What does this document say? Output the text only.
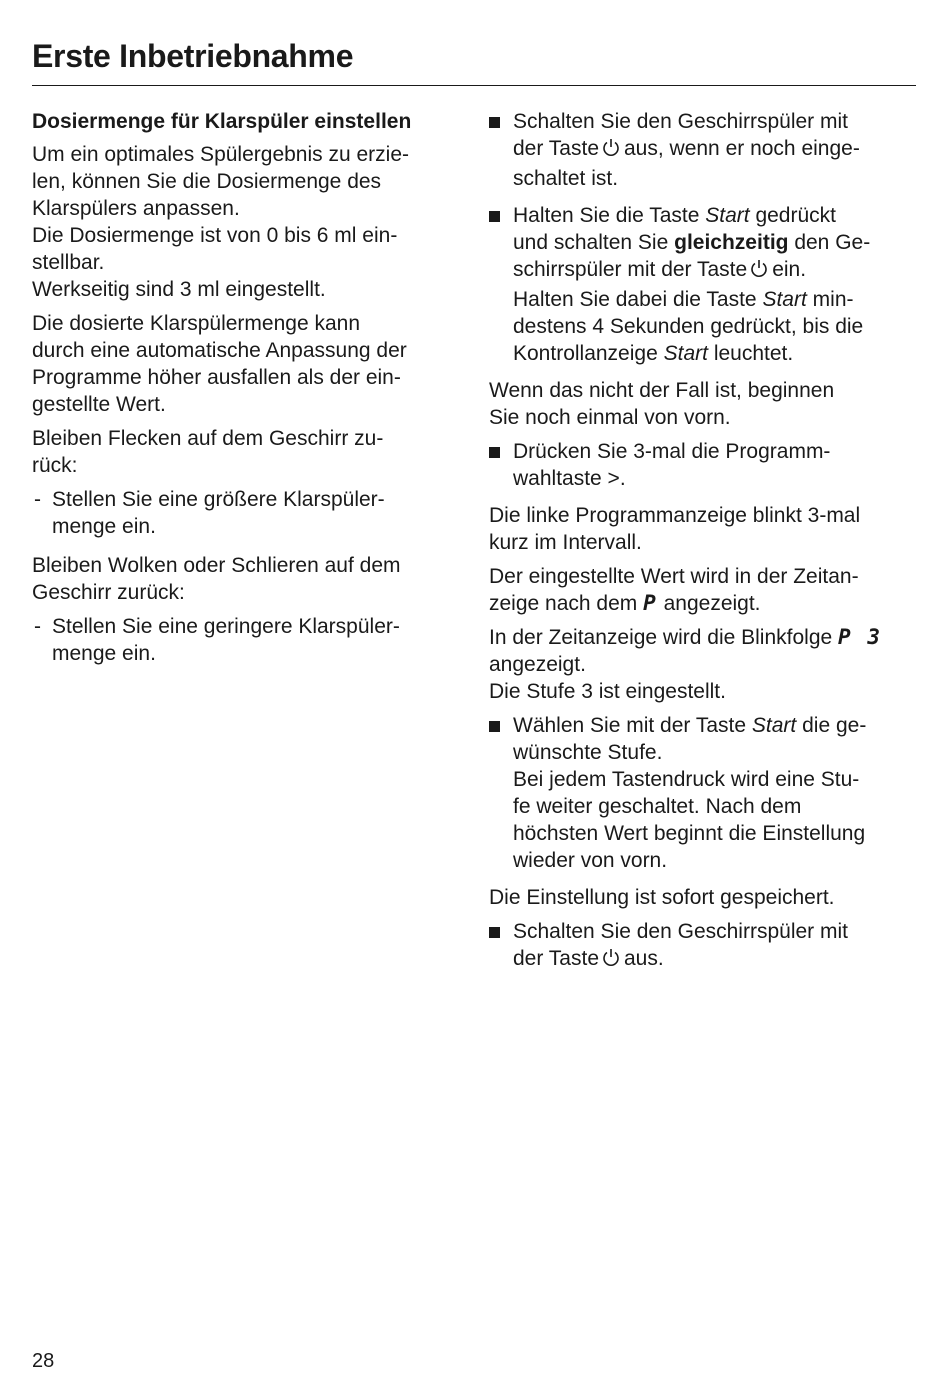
Erste Inbetriebnahme
Dosiermenge für Klarspüler einstellen

Um ein optimales Spülergebnis zu erzie-
len, können Sie die Dosiermenge des
Klarspülers anpassen.
Die Dosiermenge ist von 0 bis 6 ml ein-
stellbar.
Werkseitig sind 3 ml eingestellt.

Die dosierte Klarspülermenge kann
durch eine automatische Anpassung der
Programme höher ausfallen als der ein-
gestellte Wert.

Bleiben Flecken auf dem Geschirr zu-
rück:

- Stellen Sie eine größere Klarspüler-
menge ein.

Bleiben Wolken oder Schlieren auf dem
Geschirr zurück:

- Stellen Sie eine geringere Klarspüler-
menge ein.
Schalten Sie den Geschirrspüler mit
der Taste aus, wenn er noch einge-
schaltet ist.
Halten Sie die Taste Start gedrückt
und schalten Sie gleichzeitig den Ge-
schirrspüler mit der Taste ein.
Halten Sie dabei die Taste Start min-
destens 4 Sekunden gedrückt, bis die
Kontrollanzeige Start leuchtet.

Wenn das nicht der Fall ist, beginnen
Sie noch einmal von vorn.

Drücken Sie 3-mal die Programm-
wahltaste >.

Die linke Programmanzeige blinkt 3-mal
kurz im Intervall.

Der eingestellte Wert wird in der Zeitan-
zeige nach dem P angezeigt.

In der Zeitanzeige wird die Blinkfolge P 3
angezeigt.
Die Stufe 3 ist eingestellt.

Wählen Sie mit der Taste Start die ge-
wünschte Stufe.
Bei jedem Tastendruck wird eine Stu-
fe weiter geschaltet. Nach dem
höchsten Wert beginnt die Einstellung
wieder von vorn.

Die Einstellung ist sofort gespeichert.

Schalten Sie den Geschirrspüler mit
der Taste aus.
28
